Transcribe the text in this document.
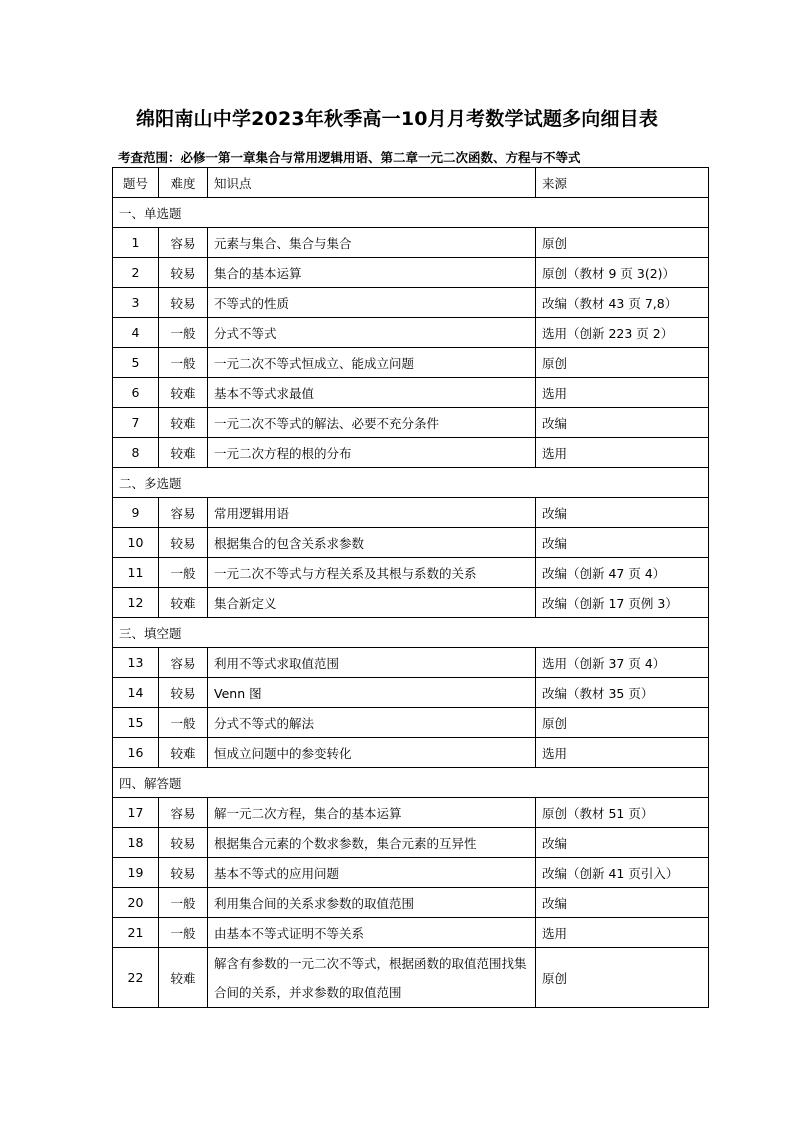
绵阳南山中学2023年秋季高一10月月考数学试题多向细目表
考查范围：必修一第一章集合与常用逻辑用语、第二章一元二次函数、方程与不等式
题号	难度	知识点	来源
一、单选题			
1	容易	元素与集合、集合与集合	原创
2	较易	集合的基本运算	原创（教材 9 页 3(2)）
3	较易	不等式的性质	改编（教材 43 页 7,8）
4	一般	分式不等式	选用（创新 223 页 2）
5	一般	一元二次不等式恒成立、能成立问题	原创
6	较难	基本不等式求最值	选用
7	较难	一元二次不等式的解法、必要不充分条件	改编
8	较难	一元二次方程的根的分布	选用
二、多选题			
9	容易	常用逻辑用语	改编
10	较易	根据集合的包含关系求参数	改编
11	一般	一元二次不等式与方程关系及其根与系数的关系	改编（创新 47 页 4）
12	较难	集合新定义	改编（创新 17 页例 3）
三、填空题			
13	容易	利用不等式求取值范围	选用（创新 37 页 4）
14	较易	Venn 图	改编（教材 35 页）
15	一般	分式不等式的解法	原创
16	较难	恒成立问题中的参变转化	选用
四、解答题			
17	容易	解一元二次方程，集合的基本运算	原创（教材 51 页）
18	较易	根据集合元素的个数求参数，集合元素的互异性	改编
19	较易	基本不等式的应用问题	改编（创新 41 页引入）
20	一般	利用集合间的关系求参数的取值范围	改编
21	一般	由基本不等式证明不等关系	选用
22	较难	解含有参数的一元二次不等式，根据函数的取值范围找集合间的关系，并求参数的取值范围	原创
